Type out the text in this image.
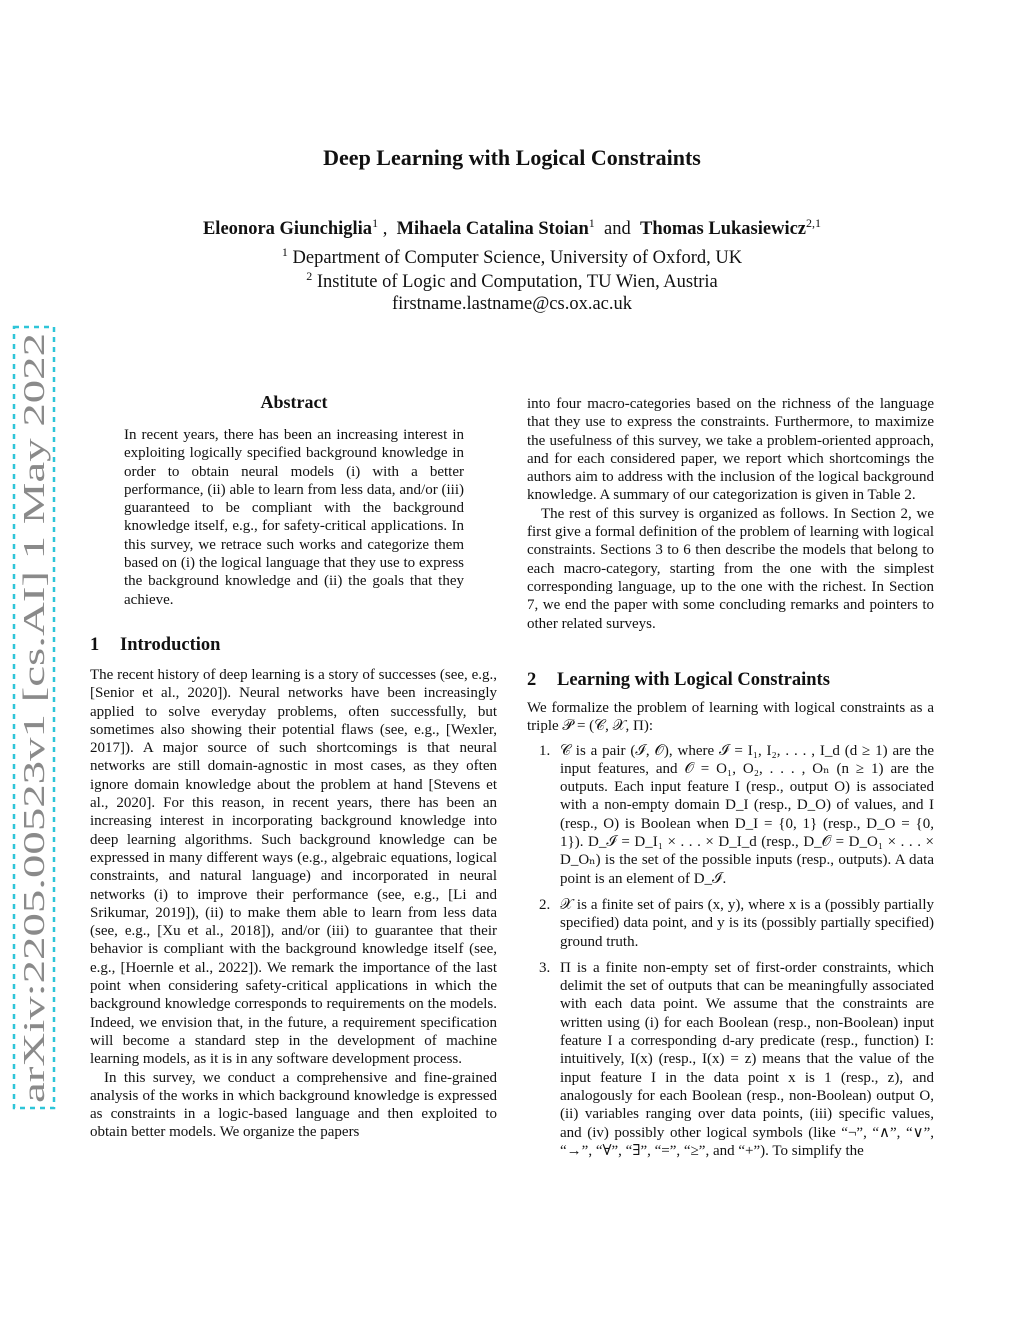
arXiv:2205.00523v1 [cs.AI] 1 May 2022
Deep Learning with Logical Constraints
Eleonora Giunchiglia$^1$ ,  Mihaela Catalina Stoian$^1$ and Thomas Lukasiewicz$^{2,1}$
$^1$ Department of Computer Science, University of Oxford, UK
$^2$ Institute of Logic and Computation, TU Wien, Austria
firstname.lastname@cs.ox.ac.uk
Abstract

In recent years, there has been an increasing interest in exploiting logically specified background knowledge in order to obtain neural models (i) with a better performance, (ii) able to learn from less data, and/or (iii) guaranteed to be compliant with the background knowledge itself, e.g., for safety-critical applications. In this survey, we retrace such works and categorize them based on (i) the logical language that they use to express the background knowledge and (ii) the goals that they achieve.

1 Introduction

The recent history of deep learning is a story of successes (see, e.g., [Senior et al., 2020]). Neural networks have been increasingly applied to solve everyday problems, often successfully, but sometimes also showing their potential flaws (see, e.g., [Wexler, 2017]). A major source of such shortcomings is that neural networks are still domain-agnostic in most cases, as they often ignore domain knowledge about the problem at hand [Stevens et al., 2020]. For this reason, in recent years, there has been an increasing interest in incorporating background knowledge into deep learning algorithms. Such background knowledge can be expressed in many different ways (e.g., algebraic equations, logical constraints, and natural language) and incorporated in neural networks (i) to improve their performance (see, e.g., [Li and Srikumar, 2019]), (ii) to make them able to learn from less data (see, e.g., [Xu et al., 2018]), and/or (iii) to guarantee that their behavior is compliant with the background knowledge itself (see, e.g., [Hoernle et al., 2022]). We remark the importance of the last point when considering safety-critical applications in which the background knowledge corresponds to requirements on the models. Indeed, we envision that, in the future, a requirement specification will become a standard step in the development of machine learning models, as it is in any software development process.

In this survey, we conduct a comprehensive and fine-grained analysis of the works in which background knowledge is expressed as constraints in a logic-based language and then exploited to obtain better models. We organize the papers

into four macro-categories based on the richness of the language that they use to express the constraints. Furthermore, to maximize the usefulness of this survey, we take a problem-oriented approach, and for each considered paper, we report which shortcomings the authors aim to address with the inclusion of the logical background knowledge. A summary of our categorization is given in Table 2.

The rest of this survey is organized as follows. In Section 2, we first give a formal definition of the problem of learning with logical constraints. Sections 3 to 6 then describe the models that belong to each macro-category, starting from the one with the simplest corresponding language, up to the one with the richest. In Section 7, we end the paper with some concluding remarks and pointers to other related surveys.

2 Learning with Logical Constraints

We formalize the problem of learning with logical constraints as a triple 𝒫 = (𝒞, 𝒳, Π):

1. 𝒞 is a pair (ℐ, 𝒪), where ℐ = I₁, I₂, . . . , I_d (d ≥ 1) are the input features, and 𝒪 = O₁, O₂, . . . , Oₙ (n ≥ 1) are the outputs. Each input feature I (resp., output O) is associated with a non-empty domain D_I (resp., D_O) of values, and I (resp., O) is Boolean when D_I = {0, 1} (resp., D_O = {0, 1}). D_ℐ = D_I₁ × . . . × D_I_d (resp., D_𝒪 = D_O₁ × . . . × D_Oₙ) is the set of the possible inputs (resp., outputs). A data point is an element of D_ℐ.
2. 𝒳 is a finite set of pairs (x, y), where x is a (possibly partially specified) data point, and y is its (possibly partially specified) ground truth.
3. Π is a finite non-empty set of first-order constraints, which delimit the set of outputs that can be meaningfully associated with each data point. We assume that the constraints are written using (i) for each Boolean (resp., non-Boolean) input feature I a corresponding d-ary predicate (resp., function) I: intuitively, I(x) (resp., I(x) = z) means that the value of the input feature I in the data point x is 1 (resp., z), and analogously for each Boolean (resp., non-Boolean) output O, (ii) variables ranging over data points, (iii) specific values, and (iv) possibly other logical symbols (like “¬”, “∧”, “∨”, “→”, “∀”, “∃”, “=”, “≥”, and “+”). To simplify the
